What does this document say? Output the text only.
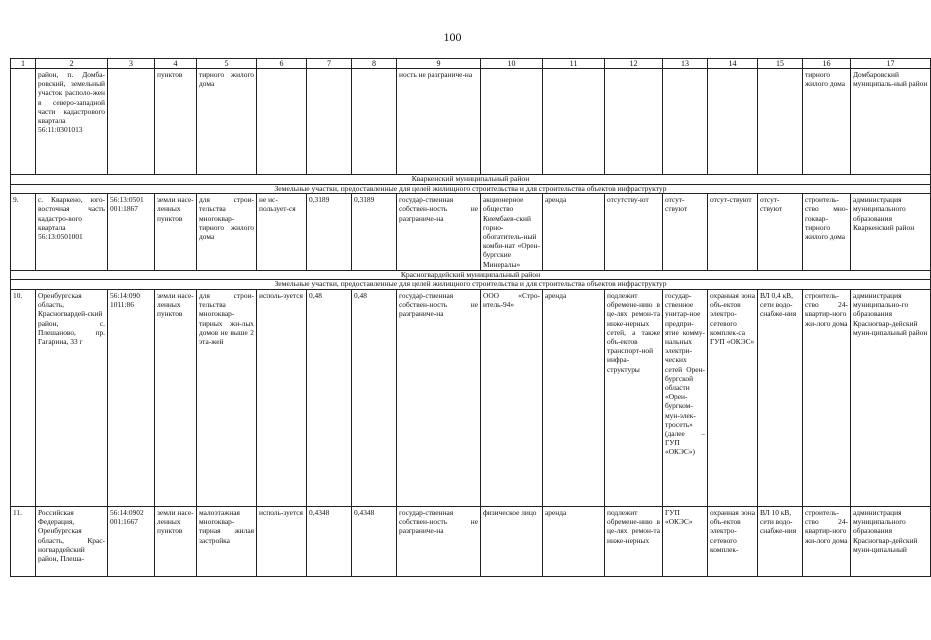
100
1	2	3	4	5	6	7	8	9	10	11	12	13	14	15	16	17
	район, п. Домба-ровский, земельный участок располо-жен в северо-западной части кадастрового квартала 56:11:0301013		пунктов	тирного жилого дома				ность не разграниче-на							тирного жилого дома	Домбаровский муниципаль-ный район
Кваркенский муниципальный район																
Земельные участки, предоставленные для целей жилищного строительства и для строительства объектов инфраструктур																
9.	с. Кваркено, юго-восточная часть кадастро-вого квартала 56:13:0501001	56:13:0501 001:1867	земли насе-ленных пунктов	для строи-тельства многоквар-тирного жилого дома	не ис-пользует-ся	0,3189	0,3189	государ-ственная собствен-ность не разграниче-на	акционерное общество Киембаев-ский горно-обогатитель-ный комби-нат «Орен-бургские Минералы»	аренда	отсутству-ют	отсут-ствуют	отсут-ствуют	отсут-ствуют	строитель-ство мно-гоквар-тирного жилого дома	администрация муниципального образования Кваркенский район
Красногвардейский муниципальный район																
Земельные участки, предоставленные для целей жилищного строительства и для строительства объектов инфраструктур																
10.	Оренбургская область, Красногвардей-ский район, с. Плешаново, пр. Гагарина, 33 г	56:14:090 1011:86	земли насе-ленных пунктов	для строи-тельства многоквар-тирных жи-лых домов не выше 2 эта-жей	исполь-зуется	0,48	0,48	государ-ственная собствен-ность не разграниче-на	ООО «Стро-итель-94»	аренда	подлежит обремене-нию в це-лях ремон-та инже-нерных сетей, а также объ-ектов транспорт-ной инфра-структуры	государ-ственное унитар-ное предпри-ятие комму-нальных электри-ческих сетей Орен-бургской области «Орен-бургком-мун-элек-тросеть» (далее – ГУП «ОКЭС»)	охранная зона объ-ектов электро-сетевого комплек-са ГУП «ОКЭС»	ВЛ 0,4 кВ, сети водо-снабже-ния	строитель-ство 24-квартир-ного жи-лого дома	администрация муниципально-го образования Красногвар-дейский муни-ципальный район
11.	Российская Федерация, Оренбургская область, Крас-ногвардейский район, Плеша-	56:14:0902 001:1667	земли насе-ленных пунктов	малоэтажная многоквар-тирная жилая застройка	исполь-зуется	0,4348	0,4348	государ-ственная собствен-ность не разграниче-на	физическое лицо	аренда	подлежит обремене-нию в це-лях ремон-та инже-нерных	ГУП «ОКЭС»	охранная зона объ-ектов электро-сетевого комплек-	ВЛ 10 кВ, сети водо-снабже-ния	строитель-ство 24-квартир-ного жи-лого дома	администрация муниципального образования Красногвар-дейский муни-ципальный
